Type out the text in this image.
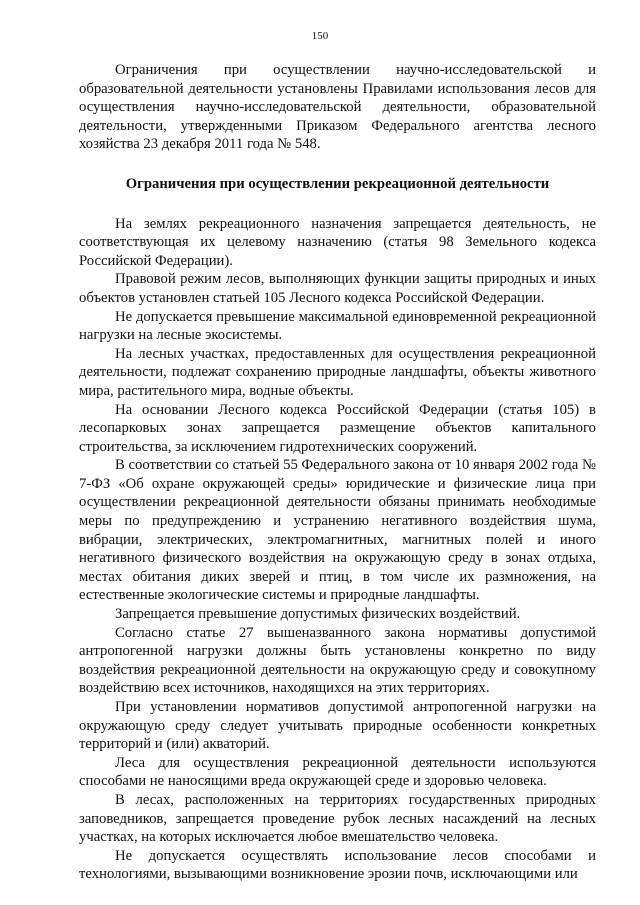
150

Ограничения при осуществлении научно-исследовательской и образовательной деятельности установлены Правилами использования лесов для осуществления научно-исследовательской деятельности, образовательной деятельности, утвержденными Приказом Федерального агентства лесного хозяйства 23 декабря 2011 года № 548.

Ограничения при осуществлении рекреационной деятельности

На землях рекреационного назначения запрещается деятельность, не соответствующая их целевому назначению (статья 98 Земельного кодекса Российской Федерации).

Правовой режим лесов, выполняющих функции защиты природных и иных объектов установлен статьей 105 Лесного кодекса Российской Федерации.

Не допускается превышение максимальной единовременной рекреационной нагрузки на лесные экосистемы.

На лесных участках, предоставленных для осуществления рекреационной деятельности, подлежат сохранению природные ландшафты, объекты животного мира, растительного мира, водные объекты.

На основании Лесного кодекса Российской Федерации (статья 105) в лесопарковых зонах запрещается размещение объектов капитального строительства, за исключением гидротехнических сооружений.

В соответствии со статьей 55 Федерального закона от 10 января 2002 года № 7-ФЗ «Об охране окружающей среды» юридические и физические лица при осуществлении рекреационной деятельности обязаны принимать необходимые меры по предупреждению и устранению негативного воздействия шума, вибрации, электрических, электромагнитных, магнитных полей и иного негативного физического воздействия на окружающую среду в зонах отдыха, местах обитания диких зверей и птиц, в том числе их размножения, на естественные экологические системы и природные ландшафты.

Запрещается превышение допустимых физических воздействий.

Согласно статье 27 вышеназванного закона нормативы допустимой антропогенной нагрузки должны быть установлены конкретно по виду воздействия рекреационной деятельности на окружающую среду и совокупному воздействию всех источников, находящихся на этих территориях.

При установлении нормативов допустимой антропогенной нагрузки на окружающую среду следует учитывать природные особенности конкретных территорий и (или) акваторий.

Леса для осуществления рекреационной деятельности используются способами не наносящими вреда окружающей среде и здоровью человека.

В лесах, расположенных на территориях государственных природных заповедников, запрещается проведение рубок лесных насаждений на лесных участках, на которых исключается любое вмешательство человека.

Не допускается осуществлять использование лесов способами и технологиями, вызывающими возникновение эрозии почв, исключающими или
